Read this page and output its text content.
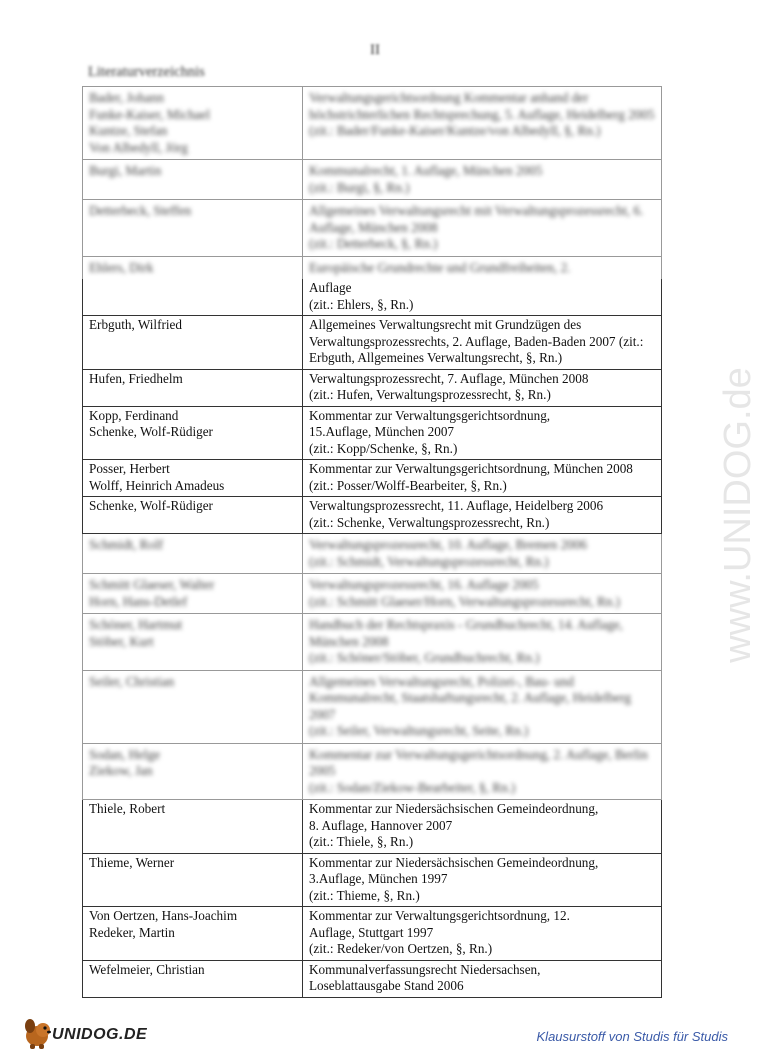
II
Literaturverzeichnis
www.UNIDOG.de
Bader, Johann
Funke-Kaiser, Michael
Kuntze, Stefan
Von Albedyll, Jörg	Verwaltungsgerichtsordnung Kommentar anhand der höchstrichterlichen Rechtsprechung, 5. Auflage, Heidelberg 2005
(zit.: Bader/Funke-Kaiser/Kuntze/von Albedyll, §, Rn.)
Burgi, Martin	Kommunalrecht, 1. Auflage, München 2005
(zit.: Burgi, §, Rn.)
Detterbeck, Steffen	Allgemeines Verwaltungsrecht mit Verwaltungsprozessrecht, 6. Auflage, München 2008
(zit.: Detterbeck, §, Rn.)
Ehlers, Dirk	Europäische Grundrechte und Grundfreiheiten, 2.
	Auflage
(zit.: Ehlers, §, Rn.)
Erbguth, Wilfried	Allgemeines Verwaltungsrecht mit Grundzügen des Verwaltungsprozessrechts, 2. Auflage, Baden-Baden 2007 (zit.: Erbguth, Allgemeines Verwaltungsrecht, §, Rn.)
Hufen, Friedhelm	Verwaltungsprozessrecht, 7. Auflage, München 2008
(zit.: Hufen, Verwaltungsprozessrecht, §, Rn.)
Kopp, Ferdinand
Schenke, Wolf-Rüdiger	Kommentar zur Verwaltungsgerichtsordnung,
15.Auflage, München 2007
(zit.: Kopp/Schenke, §, Rn.)
Posser, Herbert
Wolff, Heinrich Amadeus	Kommentar zur Verwaltungsgerichtsordnung, München 2008 (zit.: Posser/Wolff-Bearbeiter, §, Rn.)
Schenke, Wolf-Rüdiger	Verwaltungsprozessrecht, 11. Auflage, Heidelberg 2006
(zit.: Schenke, Verwaltungsprozessrecht, Rn.)
Schmidt, Rolf	Verwaltungsprozessrecht, 10. Auflage, Bremen 2006
(zit.: Schmidt, Verwaltungsprozessrecht, Rn.)
Schmitt Glaeser, Walter
Horn, Hans-Detlef	Verwaltungsprozessrecht, 16. Auflage 2005
(zit.: Schmitt Glaeser/Horn, Verwaltungsprozessrecht, Rn.)
Schöner, Hartmut
Stöber, Kurt	Handbuch der Rechtspraxis - Grundbuchrecht, 14. Auflage, München 2008
(zit.: Schöner/Stöber, Grundbuchrecht, Rn.)
Seiler, Christian	Allgemeines Verwaltungsrecht, Polizei-, Bau- und Kommunalrecht, Staatshaftungsrecht, 2. Auflage, Heidelberg 2007
(zit.: Seiler, Verwaltungsrecht, Seite, Rn.)
Sodan, Helge
Ziekow, Jan	Kommentar zur Verwaltungsgerichtsordnung, 2. Auflage, Berlin 2005
(zit.: Sodan/Ziekow-Bearbeiter, §, Rn.)
Thiele, Robert	Kommentar zur Niedersächsischen Gemeindeordnung,
8. Auflage, Hannover 2007
(zit.: Thiele, §, Rn.)
Thieme, Werner	Kommentar zur Niedersächsischen Gemeindeordnung,
3.Auflage, München 1997
(zit.: Thieme, §, Rn.)
Von Oertzen, Hans-Joachim
Redeker, Martin	Kommentar zur Verwaltungsgerichtsordnung, 12.
Auflage, Stuttgart 1997
(zit.: Redeker/von Oertzen, §, Rn.)
Wefelmeier, Christian	Kommunalverfassungsrecht Niedersachsen,
Loseblattausgabe Stand 2006
UNIDOG.DE	Klausurstoff von Studis für Studis
